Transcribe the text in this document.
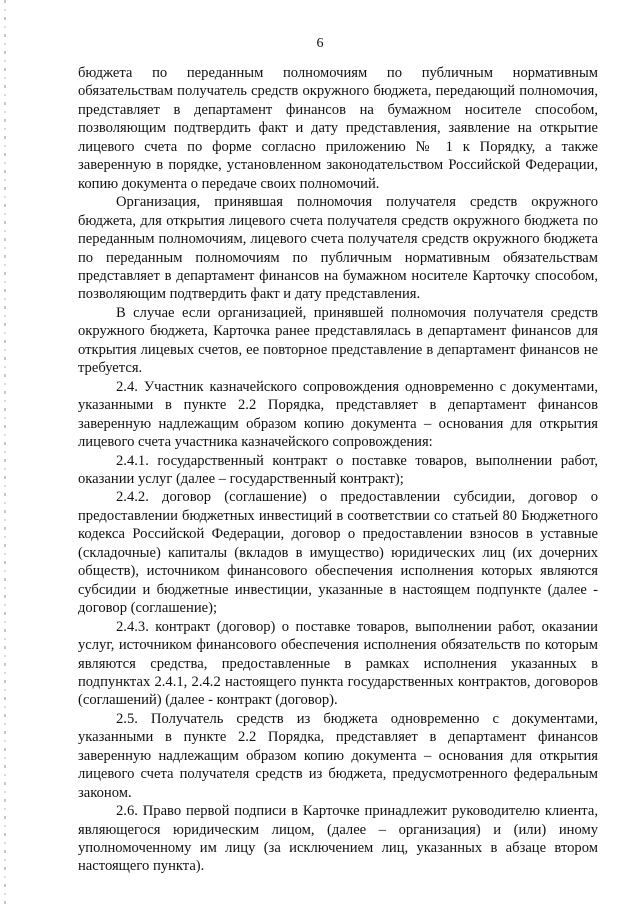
6

бюджета по переданным полномочиям по публичным нормативным обязательствам получатель средств окружного бюджета, передающий полномочия, представляет в департамент финансов на бумажном носителе способом, позволяющим подтвердить факт и дату представления, заявление на открытие лицевого счета по форме согласно приложению № 1 к Порядку, а также заверенную в порядке, установленном законодательством Российской Федерации, копию документа о передаче своих полномочий.

Организация, принявшая полномочия получателя средств окружного бюджета, для открытия лицевого счета получателя средств окружного бюджета по переданным полномочиям, лицевого счета получателя средств окружного бюджета по переданным полномочиям по публичным нормативным обязательствам представляет в департамент финансов на бумажном носителе Карточку способом, позволяющим подтвердить факт и дату представления.

В случае если организацией, принявшей полномочия получателя средств окружного бюджета, Карточка ранее представлялась в департамент финансов для открытия лицевых счетов, ее повторное представление в департамент финансов не требуется.

2.4. Участник казначейского сопровождения одновременно с документами, указанными в пункте 2.2 Порядка, представляет в департамент финансов заверенную надлежащим образом копию документа – основания для открытия лицевого счета участника казначейского сопровождения:

2.4.1. государственный контракт о поставке товаров, выполнении работ, оказании услуг (далее – государственный контракт);

2.4.2. договор (соглашение) о предоставлении субсидии, договор о предоставлении бюджетных инвестиций в соответствии со статьей 80 Бюджетного кодекса Российской Федерации, договор о предоставлении взносов в уставные (складочные) капиталы (вкладов в имущество) юридических лиц (их дочерних обществ), источником финансового обеспечения исполнения которых являются субсидии и бюджетные инвестиции, указанные в настоящем подпункте (далее - договор (соглашение);

2.4.3. контракт (договор) о поставке товаров, выполнении работ, оказании услуг, источником финансового обеспечения исполнения обязательств по которым являются средства, предоставленные в рамках исполнения указанных в подпунктах 2.4.1, 2.4.2 настоящего пункта государственных контрактов, договоров (соглашений) (далее - контракт (договор).

2.5. Получатель средств из бюджета одновременно с документами, указанными в пункте 2.2 Порядка, представляет в департамент финансов заверенную надлежащим образом копию документа – основания для открытия лицевого счета получателя средств из бюджета, предусмотренного федеральным законом.

2.6. Право первой подписи в Карточке принадлежит руководителю клиента, являющегося юридическим лицом, (далее – организация) и (или) иному уполномоченному им лицу (за исключением лиц, указанных в абзаце втором настоящего пункта).
